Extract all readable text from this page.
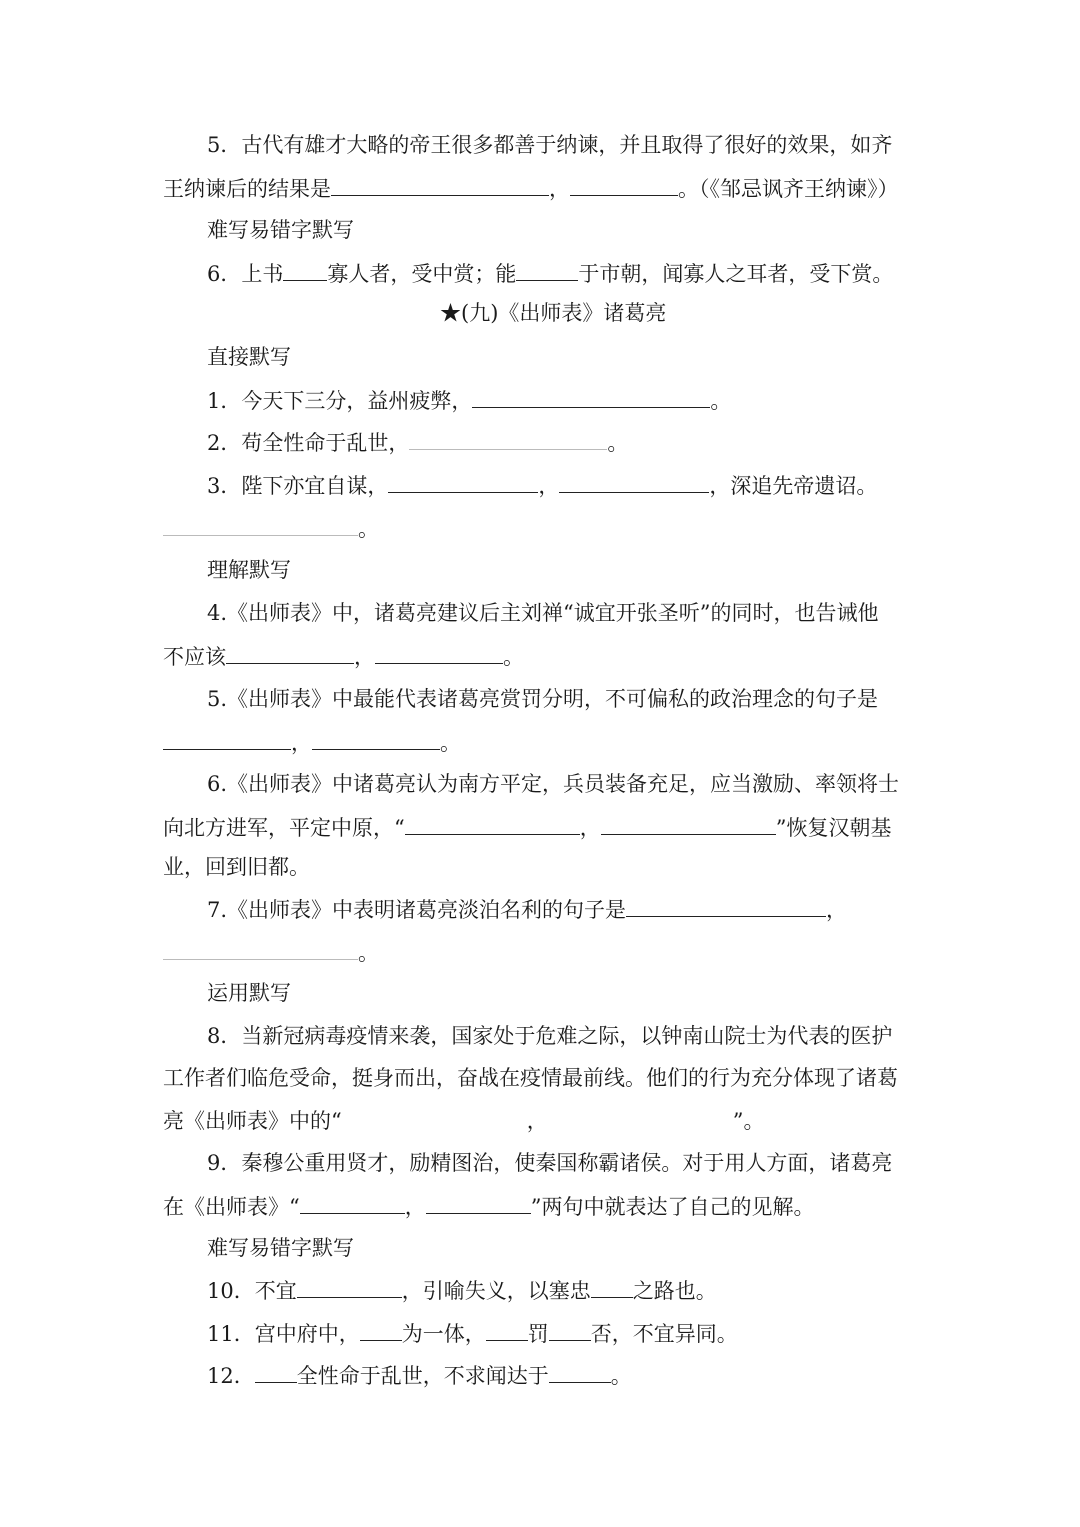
5．古代有雄才大略的帝王很多都善于纳谏，并且取得了很好的效果，如齐
王纳谏后的结果是	，	。（《邹忌讽齐王纳谏》）
难写易错字默写
6．上书 寡人者，受中赏；能	于市朝，闻寡人之耳者，受下赏。
★(九)《出师表》诸葛亮
直接默写
1．今天下三分，益州疲弊，	。
2．苟全性命于乱世，	。
3．陛下亦宜自谋，	，	，深追先帝遗诏。
。
理解默写
4.《出师表》中，诸葛亮建议后主刘禅“诚宜开张圣听”的同时，也告诫他
不应该	，	。
5.《出师表》中最能代表诸葛亮赏罚分明，不可偏私的政治理念的句子是
，	。
6.《出师表》中诸葛亮认为南方平定，兵员装备充足，应当激励、率领将士
向北方进军，平定中原，“	，	”恢复汉朝基
业，回到旧都。
7.《出师表》中表明诸葛亮淡泊名利的句子是	，
。
运用默写
8．当新冠病毒疫情来袭，国家处于危难之际，以钟南山院士为代表的医护
工作者们临危受命，挺身而出，奋战在疫情最前线。他们的行为充分体现了诸葛
亮《出师表》中的“	，	”。
9．秦穆公重用贤才，励精图治，使秦国称霸诸侯。对于用人方面，诸葛亮
在《出师表》“	，	”两句中就表达了自己的见解。
难写易错字默写
10．不宜	，引喻失义，以塞忠 之路也。
11．宫中府中， 为一体， 罚 否，不宜异同。
12． 全性命于乱世，不求闻达于	。
